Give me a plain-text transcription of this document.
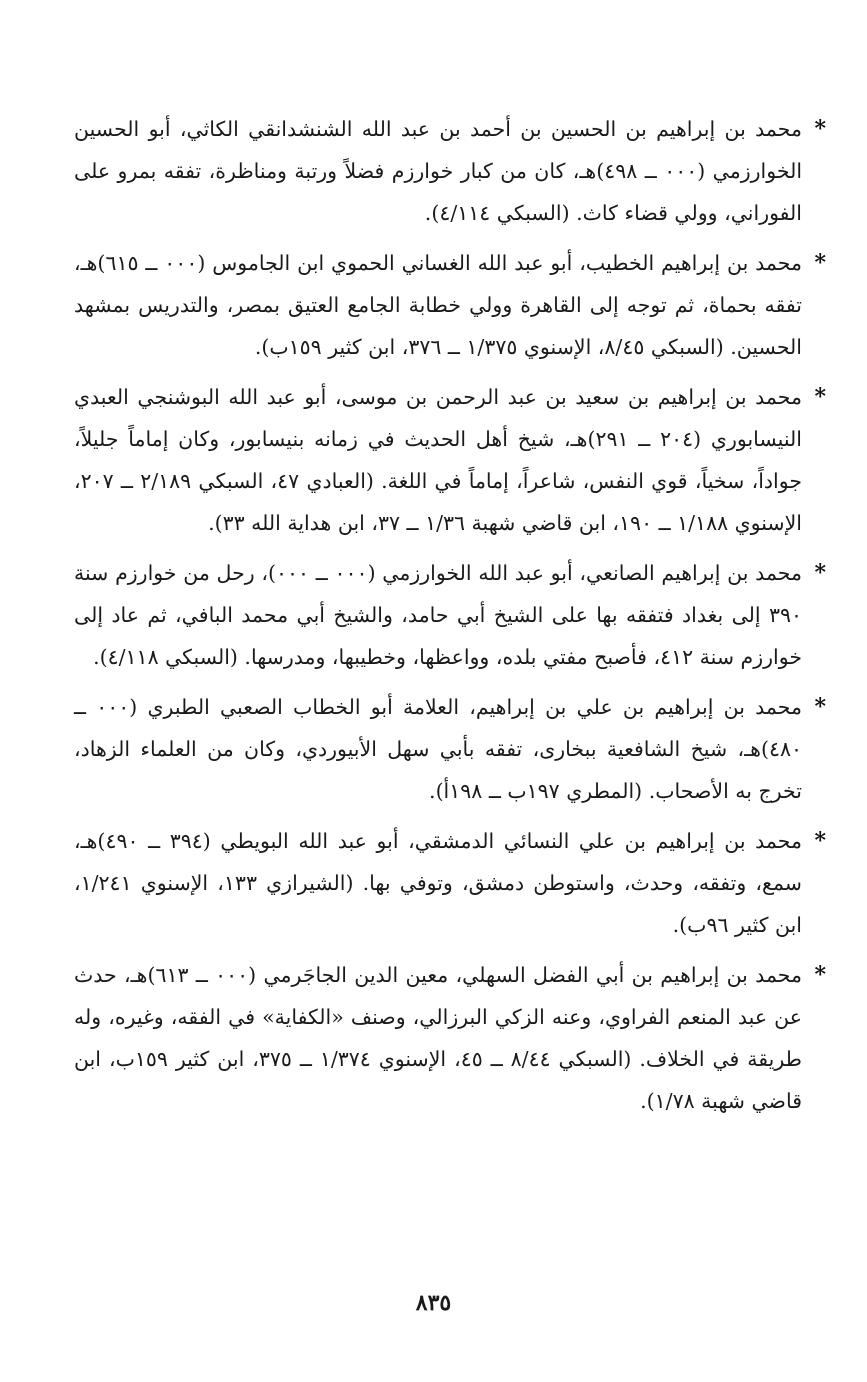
*
محمد بن إبراهيم بن الحسين بن أحمد بن عبد الله الشنشدانقي الكاثي، أبو الحسين الخوارزمي (٠٠٠ ــ ٤٩٨)هـ، كان من كبار خوارزم فضلاً ورتبة ومناظرة، تفقه بمرو على الفوراني، وولي قضاء كاث. (السبكي ٤/١١٤).

*
محمد بن إبراهيم الخطيب، أبو عبد الله الغساني الحموي ابن الجاموس (٠٠٠ ــ ٦١٥)هـ، تفقه بحماة، ثم توجه إلى القاهرة وولي خطابة الجامع العتيق بمصر، والتدريس بمشهد الحسين. (السبكي ٨/٤٥، الإسنوي ١/٣٧٥ ــ ٣٧٦، ابن كثير ١٥٩ب).

*
محمد بن إبراهيم بن سعيد بن عبد الرحمن بن موسى، أبو عبد الله البوشنجي العبدي النيسابوري (٢٠٤ ــ ٢٩١)هـ، شيخ أهل الحديث في زمانه بنيسابور، وكان إماماً جليلاً، جواداً، سخياً، قوي النفس، شاعراً، إماماً في اللغة. (العبادي ٤٧، السبكي ٢/١٨٩ ــ ٢٠٧، الإسنوي ١/١٨٨ ــ ١٩٠، ابن قاضي شهبة ١/٣٦ ــ ٣٧، ابن هداية الله ٣٣).

*
محمد بن إبراهيم الصانعي، أبو عبد الله الخوارزمي (٠٠٠ ــ ٠٠٠)، رحل من خوارزم سنة ٣٩٠ إلى بغداد فتفقه بها على الشيخ أبي حامد، والشيخ أبي محمد البافي، ثم عاد إلى خوارزم سنة ٤١٢، فأصبح مفتي بلده، وواعظها، وخطيبها، ومدرسها. (السبكي ٤/١١٨).

*
محمد بن إبراهيم بن علي بن إبراهيم، العلامة أبو الخطاب الصعبي الطبري (٠٠٠ ــ ٤٨٠)هـ، شيخ الشافعية ببخارى، تفقه بأبي سهل الأبيوردي، وكان من العلماء الزهاد، تخرج به الأصحاب. (المطري ١٩٧ب ــ ١٩٨أ).

*
محمد بن إبراهيم بن علي النسائي الدمشقي، أبو عبد الله البويطي (٣٩٤ ــ ٤٩٠)هـ، سمع، وتفقه، وحدث، واستوطن دمشق، وتوفي بها. (الشيرازي ١٣٣، الإسنوي ١/٢٤١، ابن كثير ٩٦ب).

*
محمد بن إبراهيم بن أبي الفضل السهلي، معين الدين الجاجَرمي (٠٠٠ ــ ٦١٣)هـ، حدث عن عبد المنعم الفراوي، وعنه الزكي البرزالي، وصنف «الكفاية» في الفقه، وغيره، وله طريقة في الخلاف. (السبكي ٨/٤٤ ــ ٤٥، الإسنوي ١/٣٧٤ ــ ٣٧٥، ابن كثير ١٥٩ب، ابن قاضي شهبة ١/٧٨).

٨٣٥
